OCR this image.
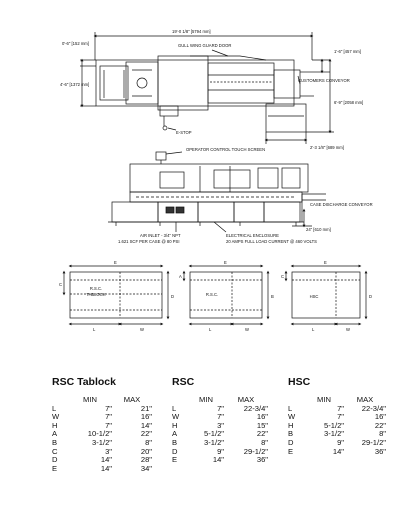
19'-0 1/8" [5794 mm]
GULL WING GUARD DOOR
0'-6" [152 mm]
4'-6" [1372 mm]
1'-6" [457 mm]
CUSTOMERS CONVEYOR
6'-9" [2058 mm]
2'-3 1/8" [689 mm]
E-STOP
OPERATOR CONTROL TOUCH SCREEN
CASE DISCHARGE CONVEYOR
24" [610 mm]
AIR INLET - 3/4" NPT
1.621 SCF PER CASE @ 80 PSI
ELECTRICAL ENCLOSURE
20 AMPS FULL LOAD CURRENT @ 460 VOLTS
E
C
D
R.S.C.
TABLOCK
L	W
E
A
B
R.S.C.
L	W
E
C
D
HSC
L	W
RSC Tablock
	MIN	MAX
L	7"	21"
W	7"	16"
H	7"	14"
A	10-1/2"	22"
B	3-1/2"	8"
C	3"	20"
D	14"	28"
E	14"	34"
RSC
	MIN	MAX
L	7"	22-3/4"
W	7"	16"
H	3"	15"
A	5-1/2"	22"
B	3-1/2"	8"
D	9"	29-1/2"
E	14"	36"
HSC
	MIN	MAX
L	7"	22-3/4"
W	7"	16"
H	5-1/2"	22"
B	3-1/2"	8"
D	9"	29-1/2"
E	14"	36"
